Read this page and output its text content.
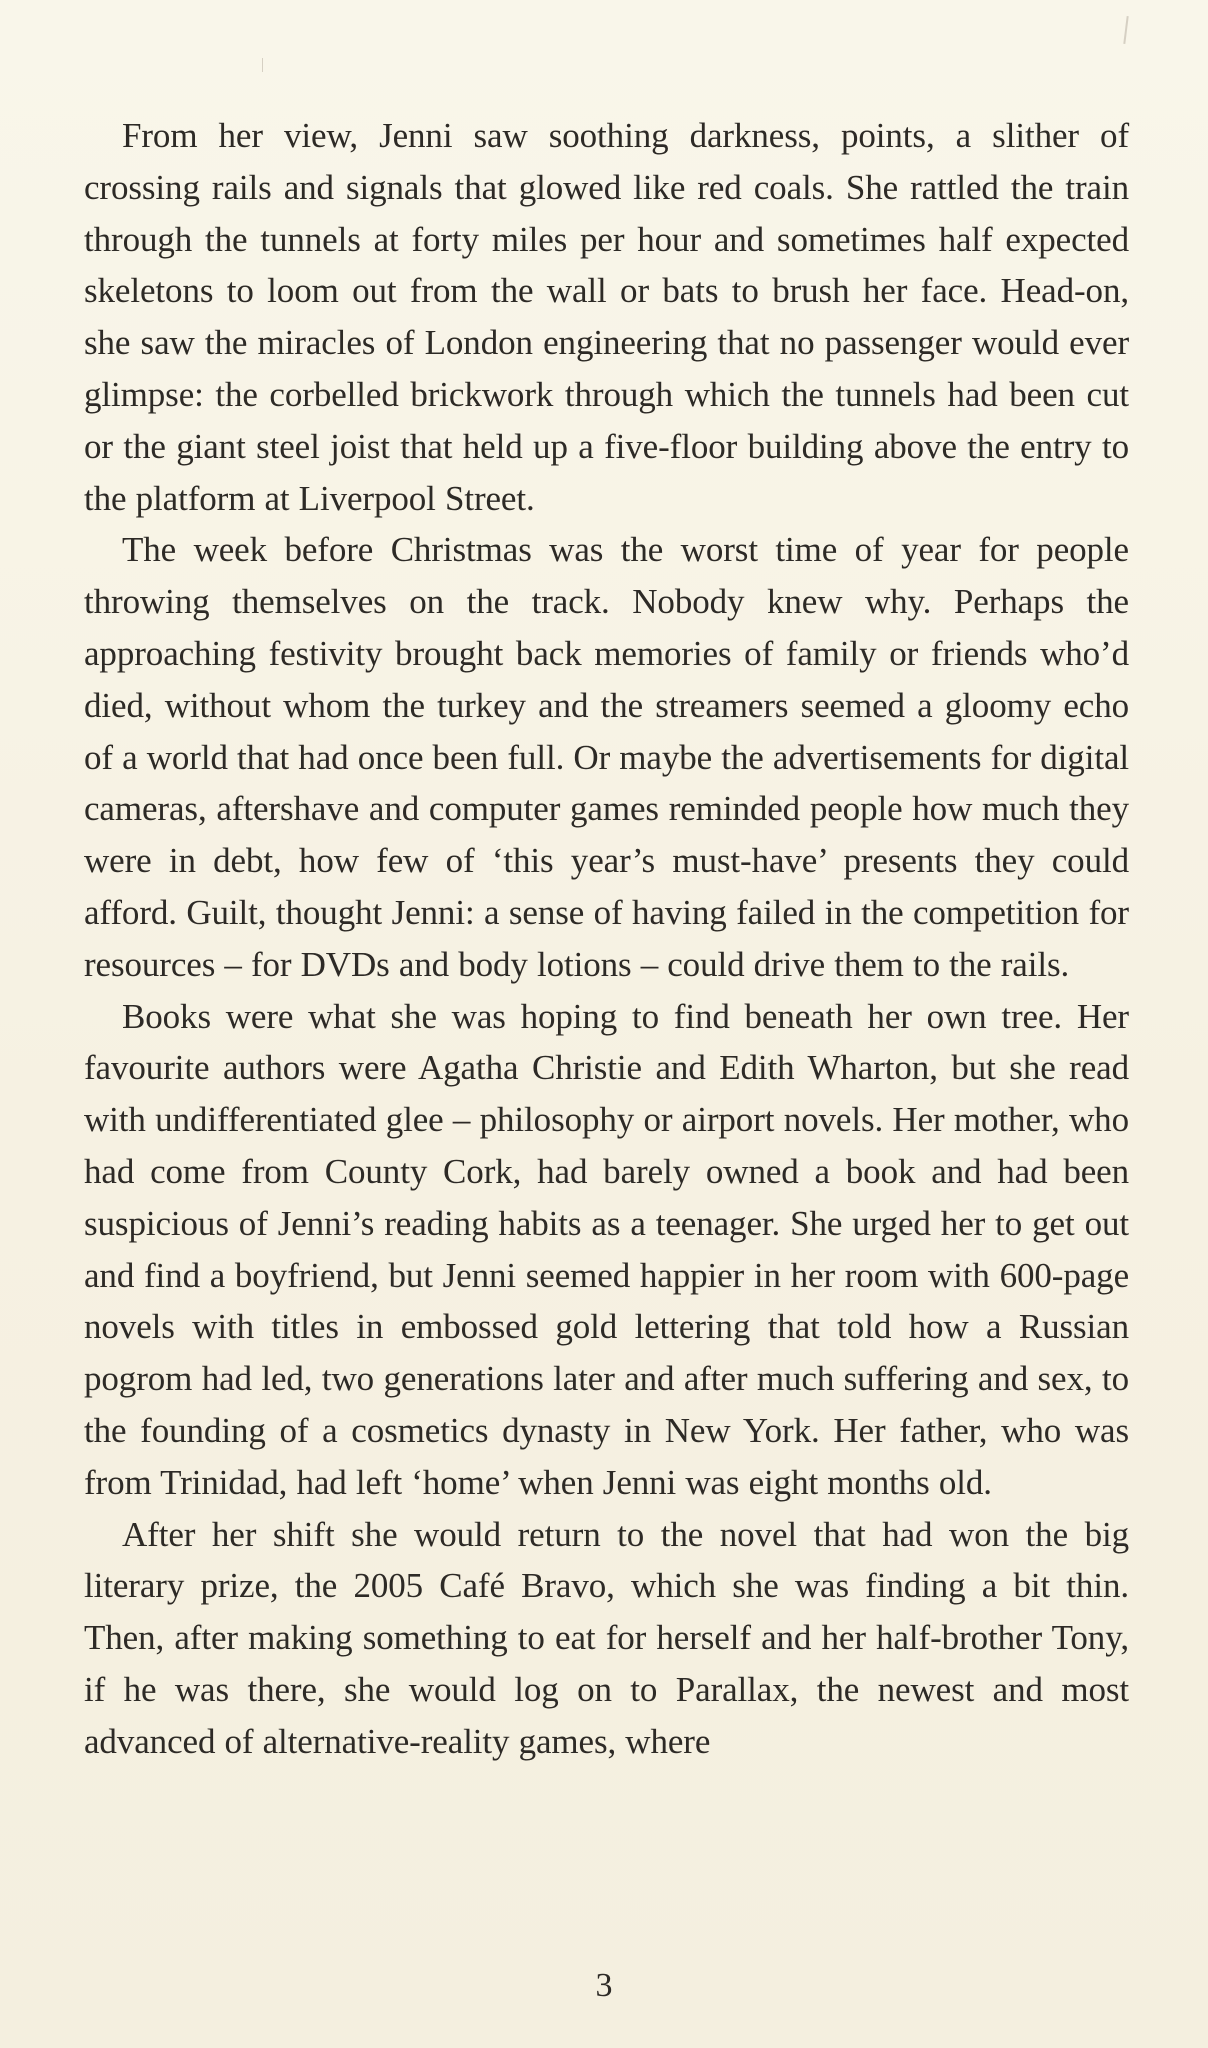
From her view, Jenni saw soothing darkness, points, a slither of crossing rails and signals that glowed like red coals. She rattled the train through the tunnels at forty miles per hour and sometimes half expected skeletons to loom out from the wall or bats to brush her face. Head-on, she saw the miracles of London engineering that no passenger would ever glimpse: the corbelled brickwork through which the tunnels had been cut or the giant steel joist that held up a five-floor building above the entry to the platform at Liverpool Street.

The week before Christmas was the worst time of year for people throwing themselves on the track. Nobody knew why. Perhaps the approaching festivity brought back memories of family or friends who’d died, without whom the turkey and the streamers seemed a gloomy echo of a world that had once been full. Or maybe the advertisements for digital cameras, aftershave and computer games reminded people how much they were in debt, how few of ‘this year’s must-have’ presents they could afford. Guilt, thought Jenni: a sense of having failed in the competition for resources – for DVDs and body lotions – could drive them to the rails.

Books were what she was hoping to find beneath her own tree. Her favourite authors were Agatha Christie and Edith Wharton, but she read with undifferentiated glee – philosophy or airport novels. Her mother, who had come from County Cork, had barely owned a book and had been suspicious of Jenni’s reading habits as a teenager. She urged her to get out and find a boyfriend, but Jenni seemed happier in her room with 600-page novels with titles in embossed gold lettering that told how a Russian pogrom had led, two generations later and after much suffering and sex, to the founding of a cosmetics dynasty in New York. Her father, who was from Trinidad, had left ‘home’ when Jenni was eight months old.

After her shift she would return to the novel that had won the big literary prize, the 2005 Café Bravo, which she was finding a bit thin. Then, after making something to eat for herself and her half-brother Tony, if he was there, she would log on to Parallax, the newest and most advanced of alternative-reality games, where

3
